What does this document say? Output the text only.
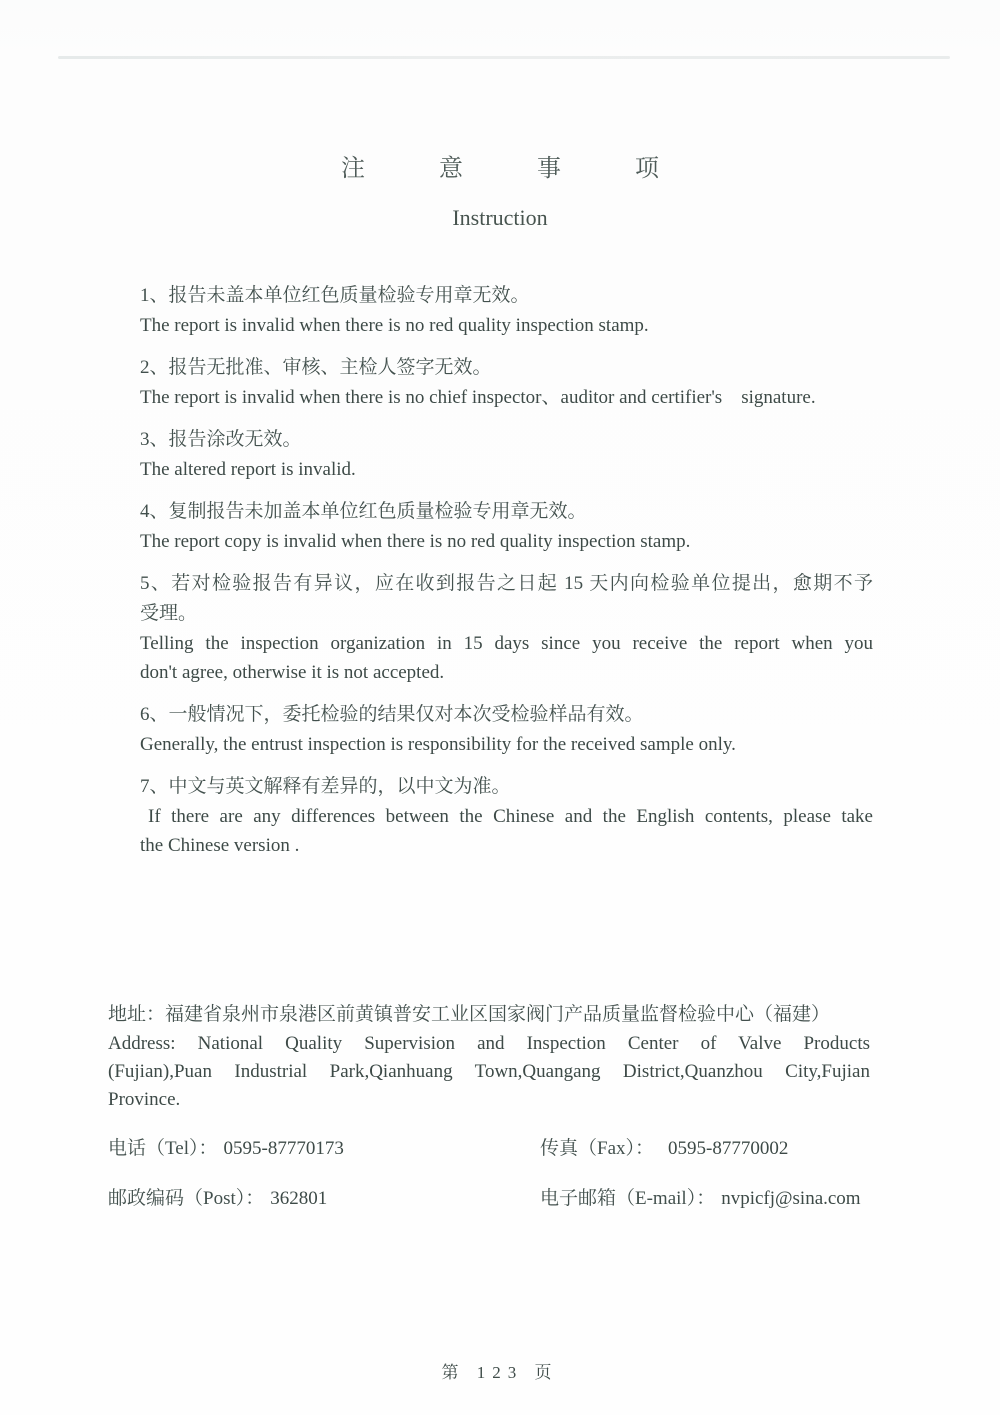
注 意 事 项
Instruction
1、报告未盖本单位红色质量检验专用章无效。
The report is invalid when there is no red quality inspection stamp.
2、报告无批准、审核、主检人签字无效。
The report is invalid when there is no chief inspector、auditor and certifier's　signature.
3、报告涂改无效。
The altered report is invalid.
4、复制报告未加盖本单位红色质量检验专用章无效。
The report copy is invalid when there is no red quality inspection stamp.
5、若对检验报告有异议，应在收到报告之日起 15 天内向检验单位提出，愈期不予
受理。
Telling the inspection organization in 15 days since you receive the report when you
don't agree, otherwise it is not accepted.
6、一般情况下，委托检验的结果仅对本次受检验样品有效。
Generally, the entrust inspection is responsibility for the received sample only.
7、中文与英文解释有差异的，以中文为准。
If there are any differences between the Chinese and the English contents, please take
the Chinese version .
地址：福建省泉州市泉港区前黄镇普安工业区国家阀门产品质量监督检验中心（福建）
Address: National Quality Supervision and Inspection Center of Valve Products
(Fujian),Puan Industrial Park,Qianhuang Town,Quangang District,Quanzhou City,Fujian
Province.
电话（Tel）： 0595-87770173	传真（Fax）： 0595-87770002
邮政编码（Post）： 362801	电子邮箱（E-mail）： nvpicfj@sina.com
第 123 页
